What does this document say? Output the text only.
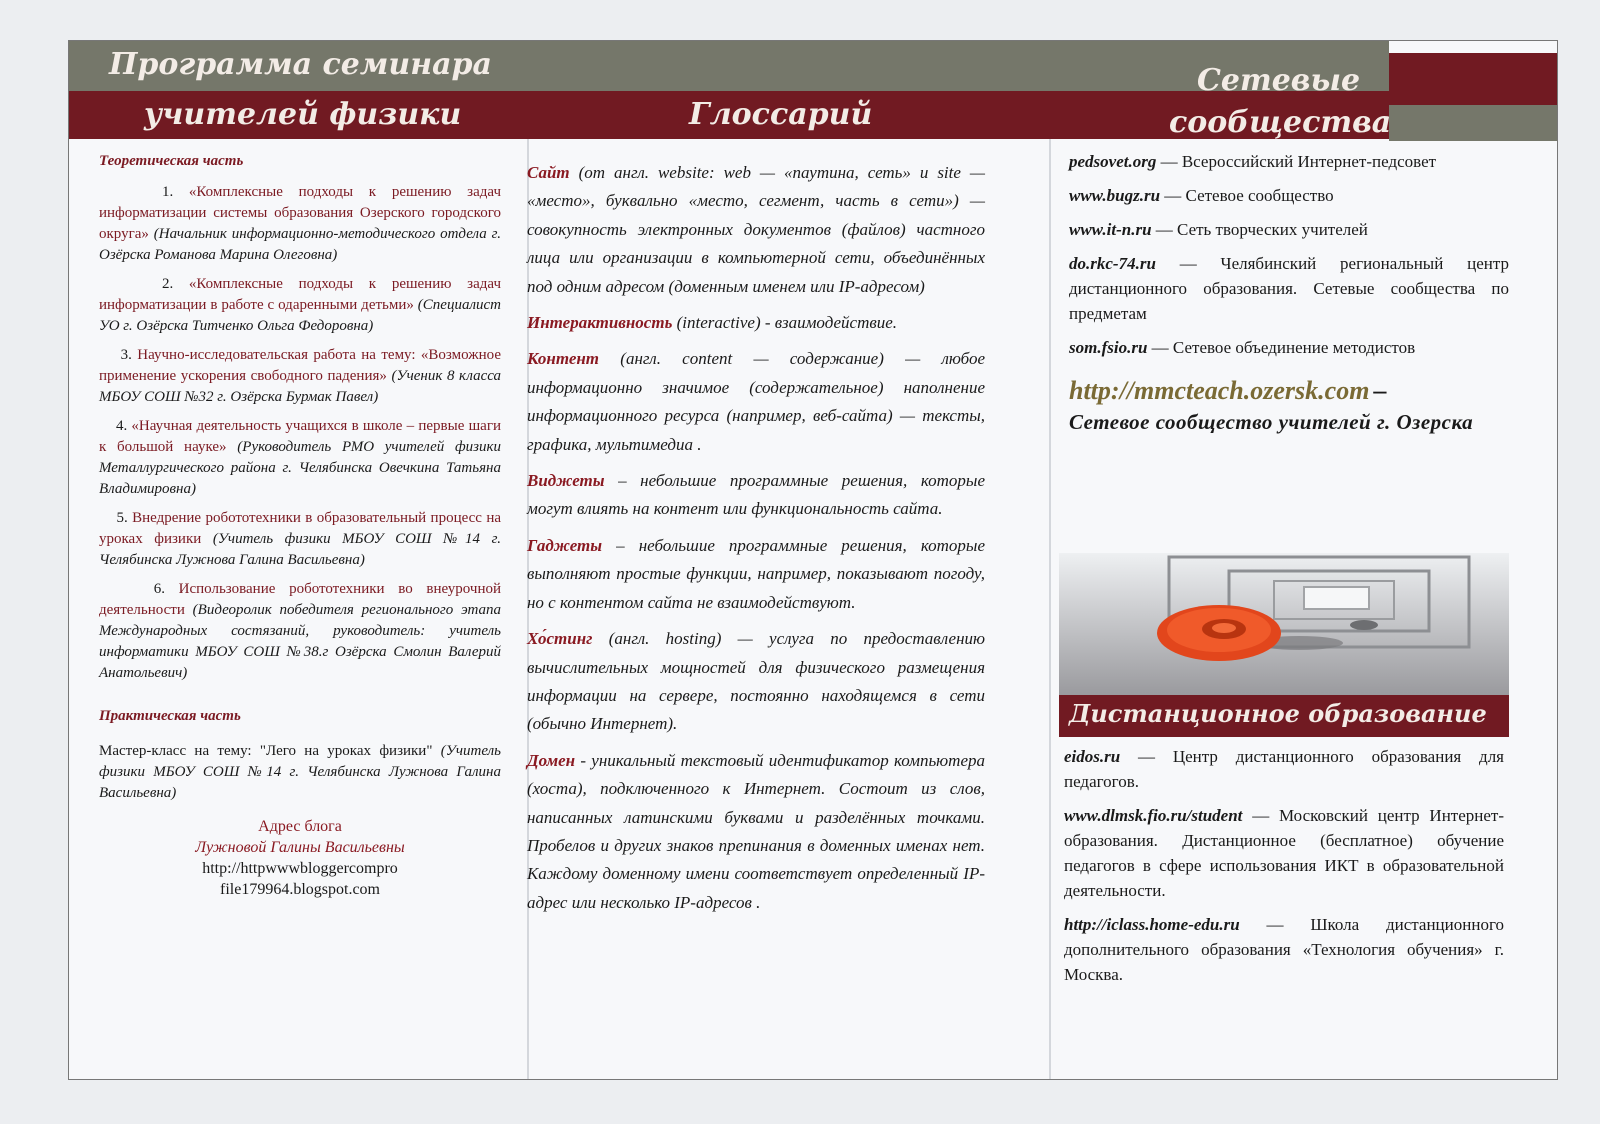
Программа семинара
учителей физики	Глоссарий
Сетевые
сообщества

Теоретическая часть

1. «Комплексные подходы к решению задач информатизации системы образования Озерского городского округа» (Начальник информационно-методического отдела г. Озёрска Романова Марина Олеговна)

2. «Комплексные подходы к решению задач информатизации в работе с одаренными детьми» (Специалист УО г. Озёрска Титченко Ольга Федоровна)

3. Научно-исследовательская работа на тему: «Возможное применение ускорения свободного падения» (Ученик 8 класса МБОУ СОШ №32 г. Озёрска Бурмак Павел)

4. «Научная деятельность учащихся в школе – первые шаги к большой науке» (Руководитель РМО учителей физики Металлургического района г. Челябинска Овечкина Татьяна Владимировна)

5. Внедрение робототехники в образовательный процесс на уроках физики (Учитель физики МБОУ СОШ №14 г. Челябинска Лужнова Галина Васильевна)

6. Использование робототехники во внеурочной деятельности (Видеоролик победителя регионального этапа Международных состязаний, руководитель: учитель информатики МБОУ СОШ №38.г Озёрска Смолин Валерий Анатольевич)

Практическая часть

Мастер-класс на тему: "Лего на уроках физики" (Учитель физики МБОУ СОШ №14 г. Челябинска Лужнова Галина Васильевна)

Адрес блога
Лужновой Галины Васильевны
http://httpwwwbloggercompro
file179964.blogspot.com

Сайт (от англ. website: web — «паутина, сеть» и site — «место», буквально «место, сегмент, часть в сети») — совокупность электронных документов (файлов) частного лица или организации в компьютерной сети, объединённых под одним адресом (доменным именем или IP-адресом)

Интерактивность (interactive) - взаимодействие.

Контент (англ. content — содержание) — любое информационно значимое (содержательное) наполнение информационного ресурса (например, веб-сайта) — тексты, графика, мультимедиа .

Виджеты – небольшие программные решения, которые могут влиять на контент или функциональность сайта.

Гаджеты – небольшие программные решения, которые выполняют простые функции, например, показывают погоду, но с контентом сайта не взаимодействуют.

Хо́стинг (англ. hosting) — услуга по предоставлению вычислительных мощностей для физического размещения информации на сервере, постоянно находящемся в сети (обычно Интернет).

Домен - уникальный текстовый идентификатор компьютера (хоста), подключенного к Интернет. Состоит из слов, написанных латинскими буквами и разделённых точками. Пробелов и других знаков препинания в доменных именах нет. Каждому доменному имени соответствует определенный IP-адрес или несколько IP-адресов .

pedsovet.org — Всероссийский Интернет-педсовет

www.bugz.ru — Сетевое сообщество

www.it-n.ru — Сеть творческих учителей

do.rkc-74.ru — Челябинский региональный центр дистанционного образования. Сетевые сообщества по предметам

som.fsio.ru — Сетевое объединение методистов

http://mmcteach.ozersk.com –
Сетевое сообщество учителей г. Озерска
Дистанционное образование

eidos.ru — Центр дистанционного образования для педагогов.

www.dlmsk.fio.ru/student — Московский центр Интернет-образования. Дистанционное (бесплатное) обучение педагогов в сфере использования ИКТ в образовательной деятельности.

http://iclass.home-edu.ru — Школа дистанционного дополнительного образования «Технология обучения» г. Москва.
